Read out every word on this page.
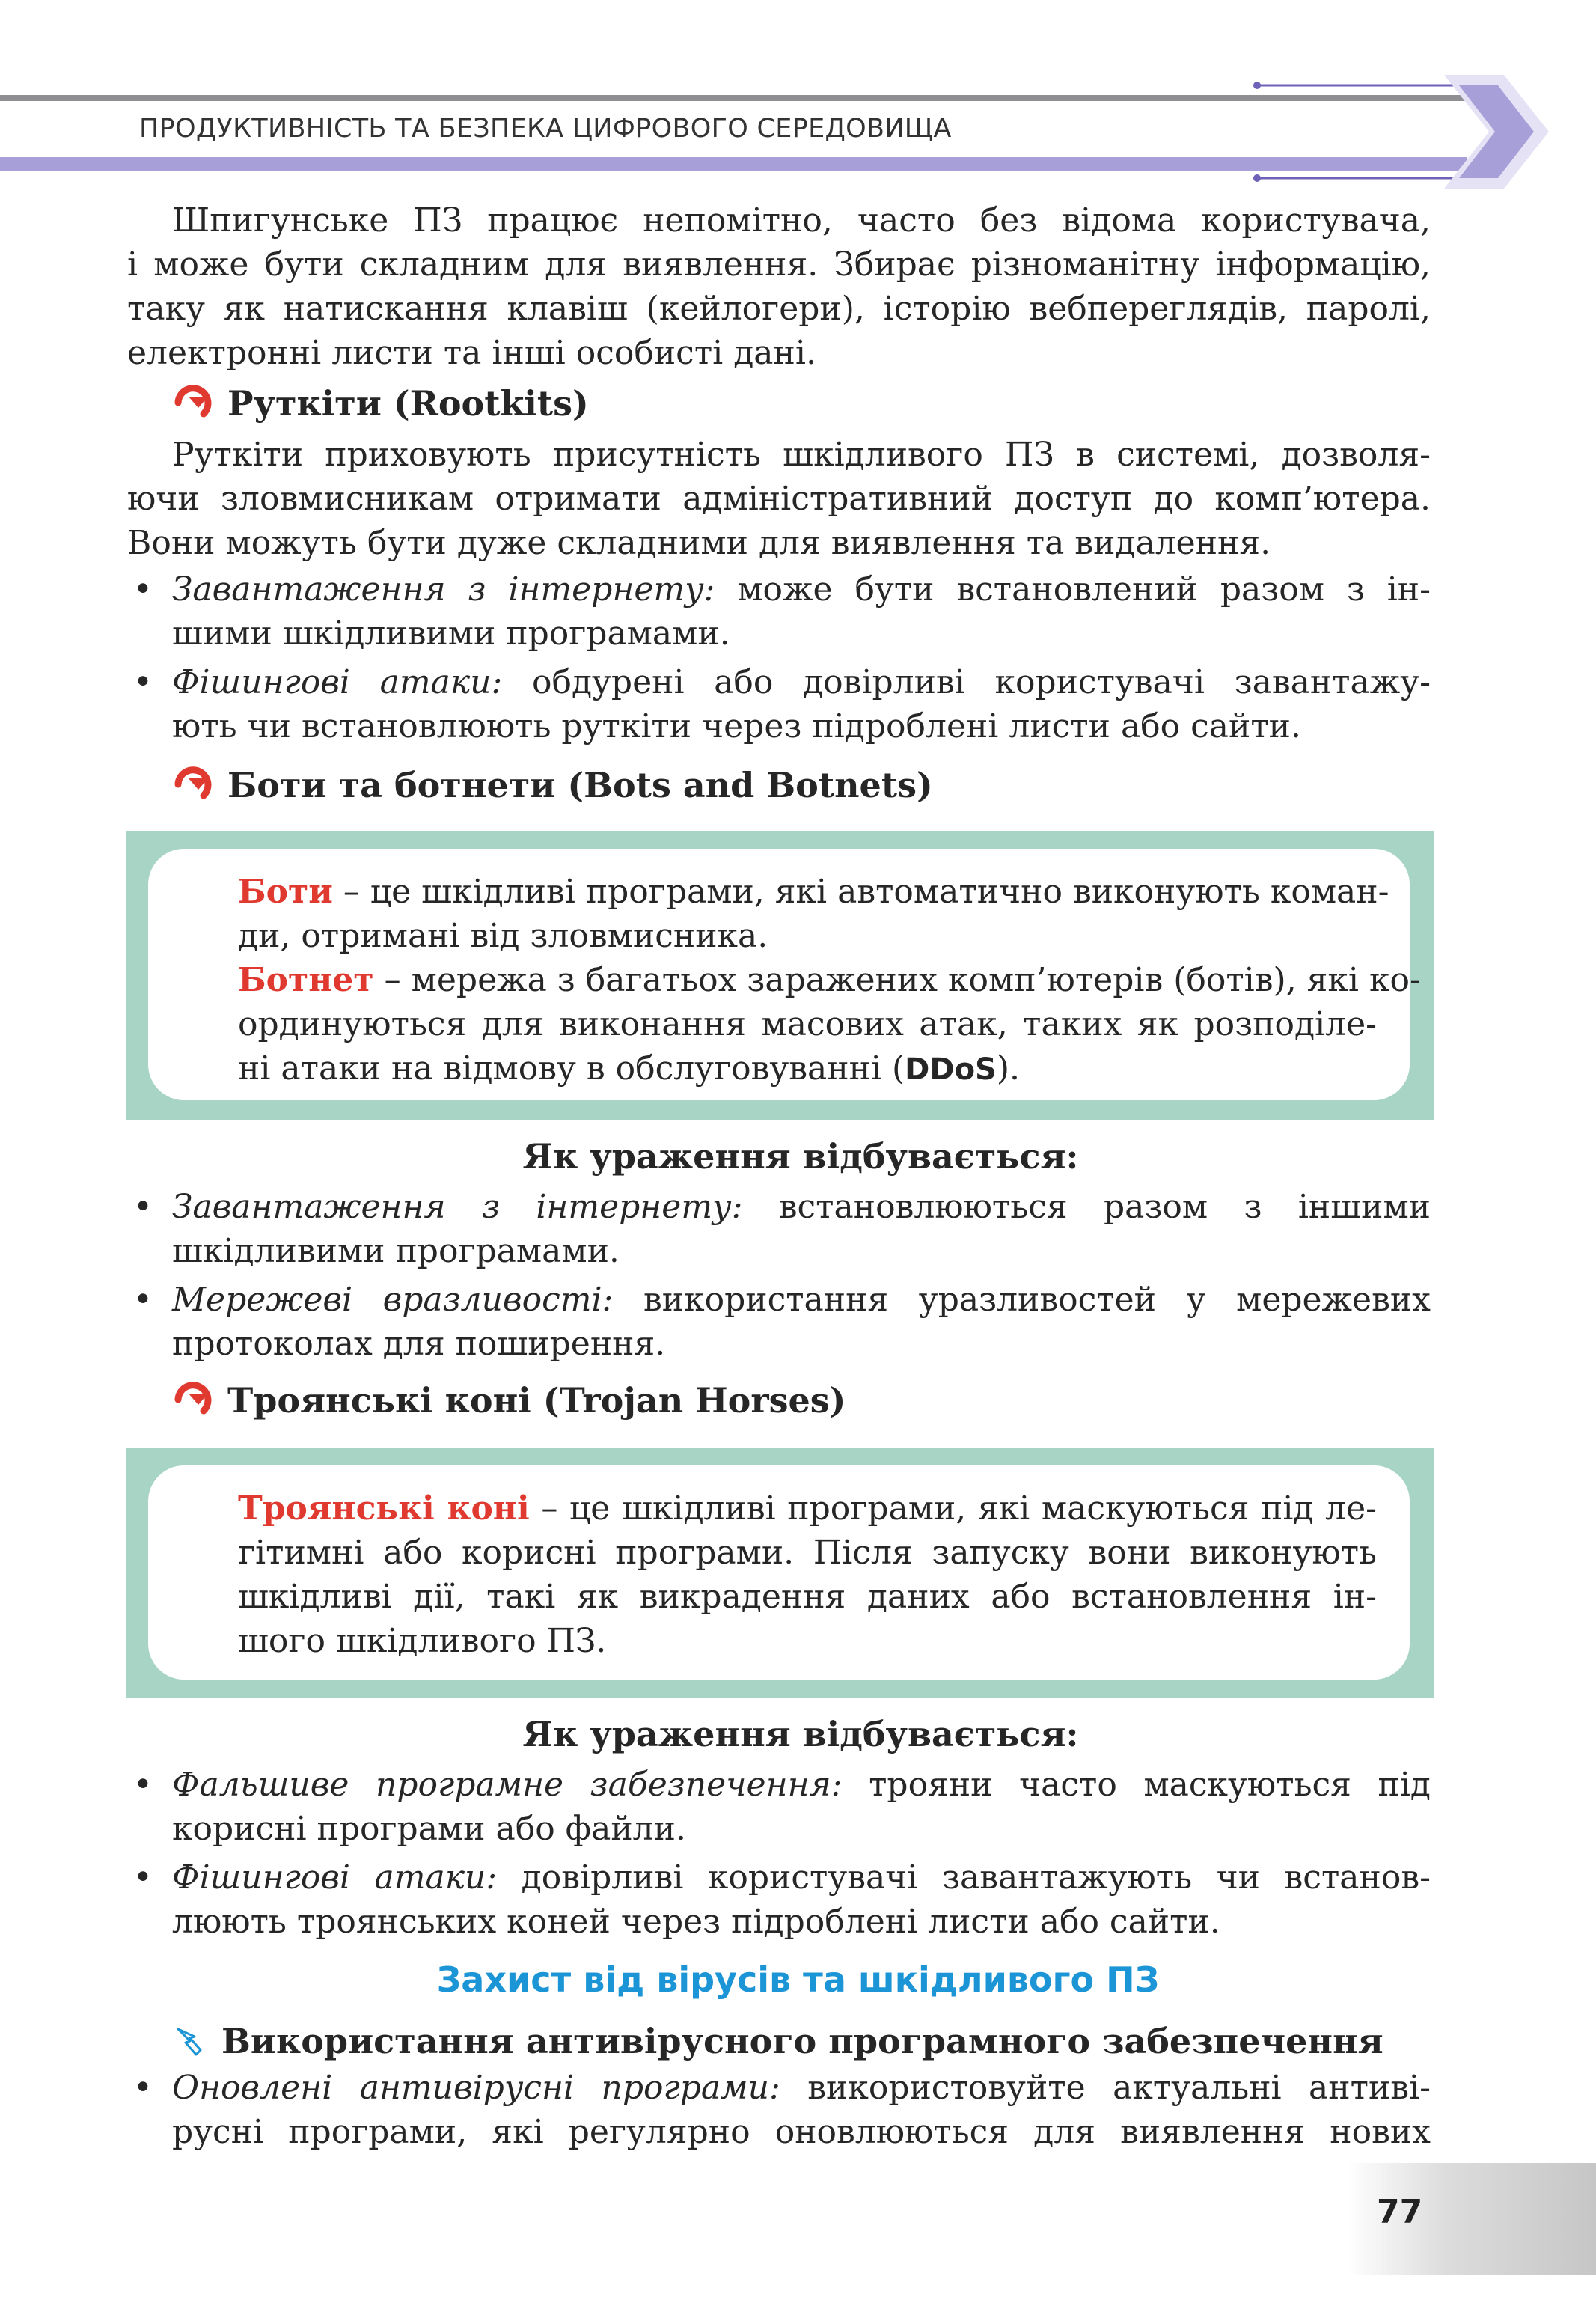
ПРОДУКТИВНІСТЬ ТА БЕЗПЕКА ЦИФРОВОГО СЕРЕДОВИЩА
Шпигунське ПЗ працює непомітно, часто без відома користувача,
і може бути складним для виявлення. Збирає різноманітну інформацію,
таку як натискання клавіш (кейлогери), історію вебпереглядів, паролі,
електронні листи та інші особисті дані.
Руткіти (Rootkits)
Руткіти приховують присутність шкідливого ПЗ в системі, дозволя-
ючи зловмисникам отримати адміністративний доступ до комп’ютера.
Вони можуть бути дуже складними для виявлення та видалення.
• Завантаження з інтернету: може бути встановлений разом з ін-
шими шкідливими програмами.
• Фішингові атаки: обдурені або довірливі користувачі завантажу-
ють чи встановлюють руткіти через підроблені листи або сайти.
Боти та ботнети (Bots and Botnets)

Боти – це шкідливі програми, які автоматично виконують коман-
ди, отримані від зловмисника.

Ботнет – мережа з багатьох заражених комп’ютерів (ботів), які ко-
ординуються для виконання масових атак, таких як розподіле-
ні атаки на відмову в обслуговуванні (DDoS).

Як ураження відбувається:
• Завантаження з інтернету: встановлюються разом з іншими
шкідливими програмами.
• Мережеві вразливості: використання уразливостей у мережевих
протоколах для поширення.
Троянські коні (Trojan Horses)

Троянські коні – це шкідливі програми, які маскуються під ле-
гітимні або корисні програми. Після запуску вони виконують
шкідливі дії, такі як викрадення даних або встановлення ін-
шого шкідливого ПЗ.

Як ураження відбувається:
• Фальшиве програмне забезпечення: трояни часто маскуються під
корисні програми або файли.
• Фішингові атаки: довірливі користувачі завантажують чи встанов-
люють троянських коней через підроблені листи або сайти.
Захист від вірусів та шкідливого ПЗ
Використання антивірусного програмного забезпечення
• Оновлені антивірусні програми: використовуйте актуальні антиві-
русні програми, які регулярно оновлюються для виявлення нових
77
